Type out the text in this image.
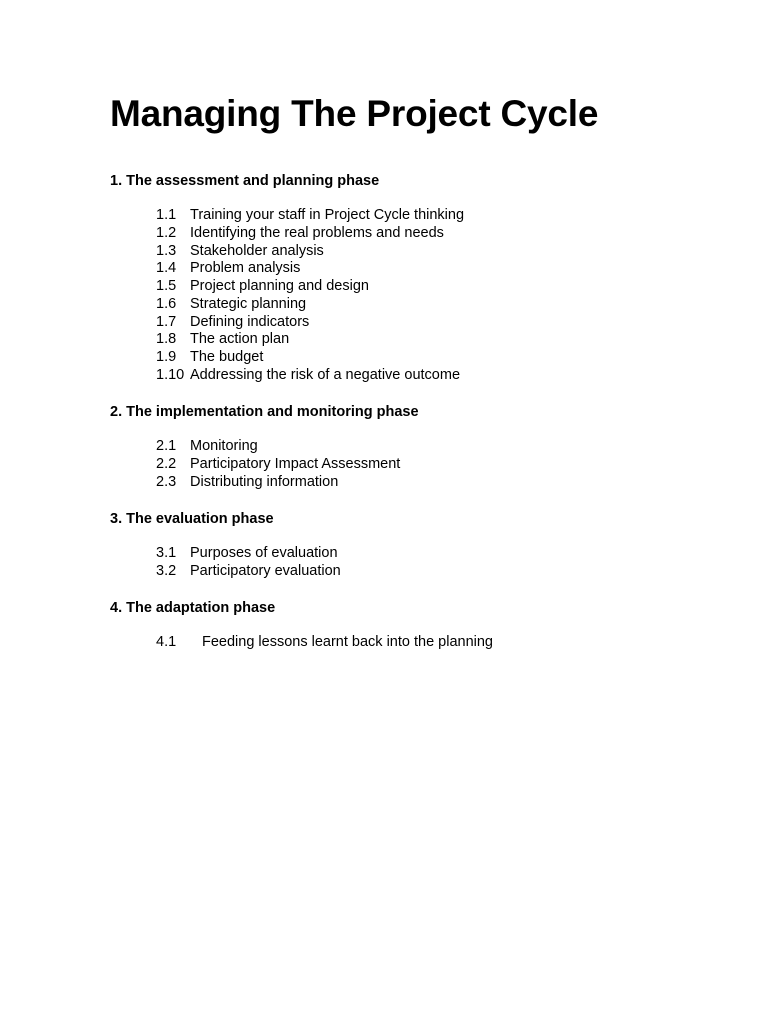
Managing The Project Cycle
1. The assessment and planning phase
1.1 Training your staff in Project Cycle thinking
1.2 Identifying the real problems and needs
1.3 Stakeholder analysis
1.4 Problem analysis
1.5 Project planning and design
1.6 Strategic planning
1.7 Defining indicators
1.8 The action plan
1.9 The budget
1.10 Addressing the risk of a negative outcome
2. The implementation and monitoring phase
2.1 Monitoring
2.2 Participatory Impact Assessment
2.3 Distributing information
3. The evaluation phase
3.1 Purposes of evaluation
3.2 Participatory evaluation
4. The adaptation phase
4.1	Feeding lessons learnt back into the planning
